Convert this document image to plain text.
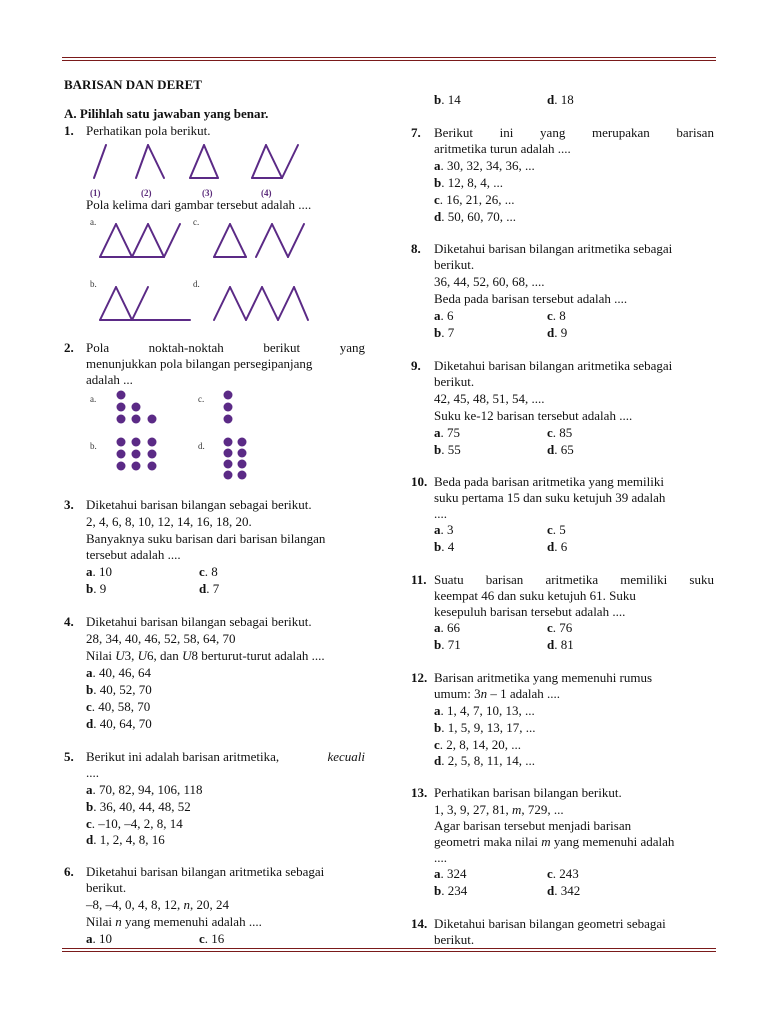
BARISAN DAN DERET
A. Pilihlah satu jawaban yang benar.
1. Perhatikan pola berikut.
(1)	(2)	(3)	(4)
Pola kelima dari gambar tersebut adalah ....
a.	c.
b.	d.
2. Pola	noktah-noktah	berikut	yang
menunjukkan pola bilangan persegipanjang
adalah ...
a.	c.
b.	d.
3. Diketahui barisan bilangan sebagai berikut.
2, 4, 6, 8, 10, 12, 14, 16, 18, 20.
Banyaknya suku barisan dari barisan bilangan
tersebut adalah ....
a. 10	c. 8
b. 9	d. 7
4. Diketahui barisan bilangan sebagai berikut.
28, 34, 40, 46, 52, 58, 64, 70
Nilai U3, U6, dan U8 berturut-turut adalah ....
a. 40, 46, 64
b. 40, 52, 70
c. 40, 58, 70
d. 40, 64, 70
5. Berikut ini adalah barisan aritmetika,	kecuali
....
a. 70, 82, 94, 106, 118
b. 36, 40, 44, 48, 52
c. –10, –4, 2, 8, 14
d. 1, 2, 4, 8, 16
6. Diketahui barisan bilangan aritmetika sebagai
berikut.
–8, –4, 0, 4, 8, 12, n, 20, 24
Nilai n yang memenuhi adalah ....
a. 10	c. 16
b. 14	d. 18
7. Berikut ini yang merupakan barisan
aritmetika turun adalah ....
a. 30, 32, 34, 36, ...
b. 12, 8, 4, ...
c. 16, 21, 26, ...
d. 50, 60, 70, ...
8. Diketahui barisan bilangan aritmetika sebagai
berikut.
36, 44, 52, 60, 68, ....
Beda pada barisan tersebut adalah ....
a. 6	c. 8
b. 7	d. 9
9. Diketahui barisan bilangan aritmetika sebagai
berikut.
42, 45, 48, 51, 54, ....
Suku ke-12 barisan tersebut adalah ....
a. 75	c. 85
b. 55	d. 65
10. Beda pada barisan aritmetika yang memiliki
suku pertama 15 dan suku ketujuh 39 adalah
....
a. 3	c. 5
b. 4	d. 6
11. Suatu barisan aritmetika memiliki suku
keempat 46 dan suku ketujuh 61. Suku
kesepuluh barisan tersebut adalah ....
a. 66	c. 76
b. 71	d. 81
12. Barisan aritmetika yang memenuhi rumus
umum: 3n – 1 adalah ....
a. 1, 4, 7, 10, 13, ...
b. 1, 5, 9, 13, 17, ...
c. 2, 8, 14, 20, ...
d. 2, 5, 8, 11, 14, ...
13. Perhatikan barisan bilangan berikut.
1, 3, 9, 27, 81, m, 729, ...
Agar barisan tersebut menjadi barisan
geometri maka nilai m yang memenuhi adalah
....
a. 324	c. 243
b. 234	d. 342
14. Diketahui barisan bilangan geometri sebagai
berikut.
